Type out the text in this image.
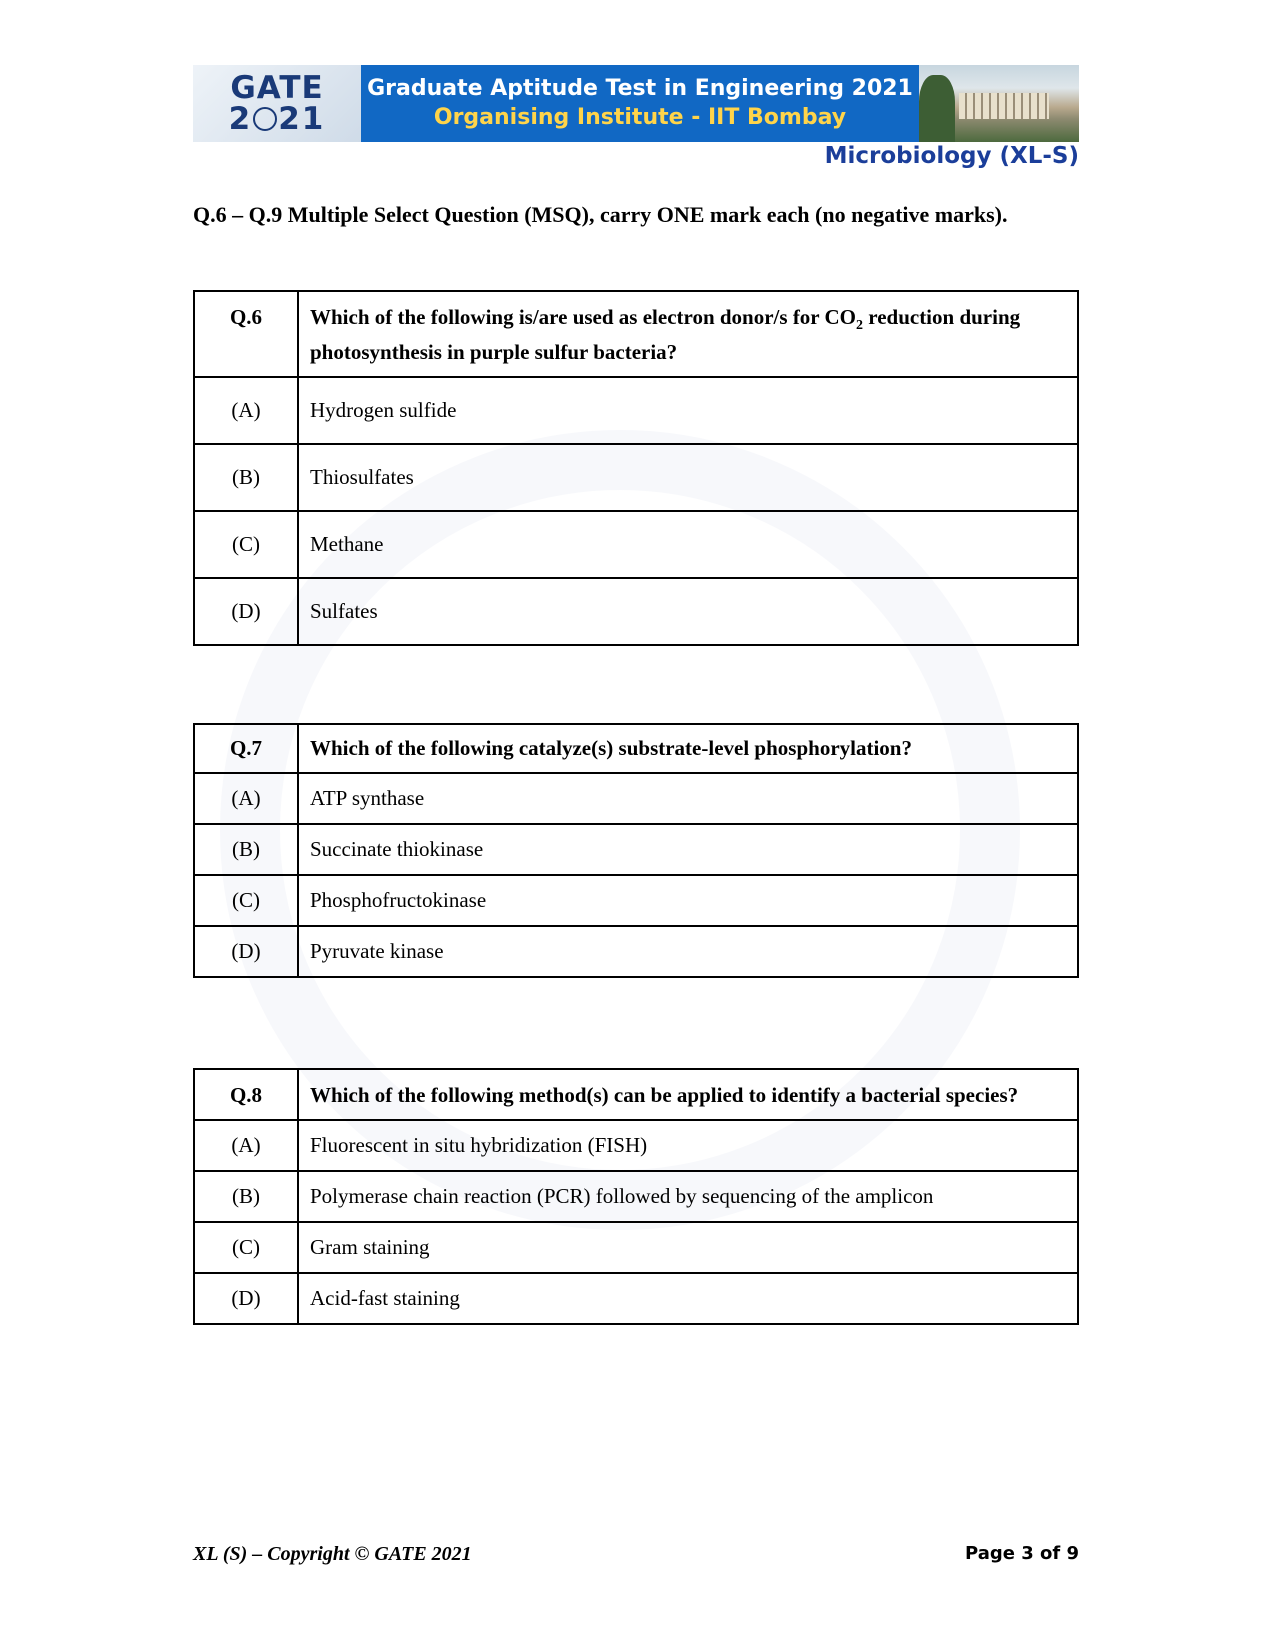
GATE
2 21
Graduate Aptitude Test in Engineering 2021
Organising Institute - IIT Bombay
Microbiology (XL-S)
Q.6 – Q.9 Multiple Select Question (MSQ), carry ONE mark each (no negative marks).
Q.6	Which of the following is/are used as electron donor/s for $CO_2$ reduction during photosynthesis in purple sulfur bacteria?
(A)	Hydrogen sulfide
(B)	Thiosulfates
(C)	Methane
(D)	Sulfates
Q.7	Which of the following catalyze(s) substrate-level phosphorylation?
(A)	ATP synthase
(B)	Succinate thiokinase
(C)	Phosphofructokinase
(D)	Pyruvate kinase
Q.8	Which of the following method(s) can be applied to identify a bacterial species?
(A)	Fluorescent in situ hybridization (FISH)
(B)	Polymerase chain reaction (PCR) followed by sequencing of the amplicon
(C)	Gram staining
(D)	Acid-fast staining
XL (S) – Copyright © GATE 2021	Page 3 of 9
